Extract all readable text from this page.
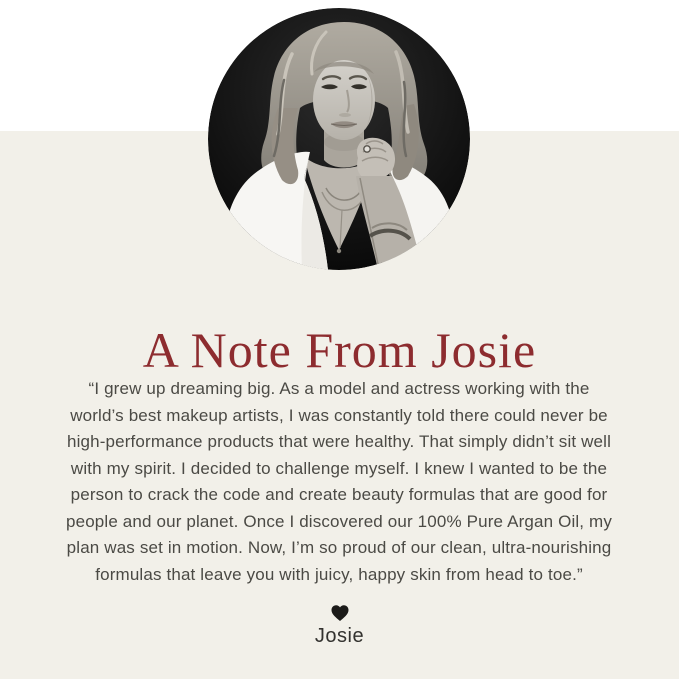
A Note From Josie
“I grew up dreaming big. As a model and actress working with the
world’s best makeup artists, I was constantly told there could never be
high-performance products that were healthy. That simply didn’t sit well
with my spirit. I decided to challenge myself. I knew I wanted to be the
person to crack the code and create beauty formulas that are good for
people and our planet. Once I discovered our 100% Pure Argan Oil, my
plan was set in motion. Now, I’m so proud of our clean, ultra-nourishing
formulas that leave you with juicy, happy skin from head to toe.”
Josie
